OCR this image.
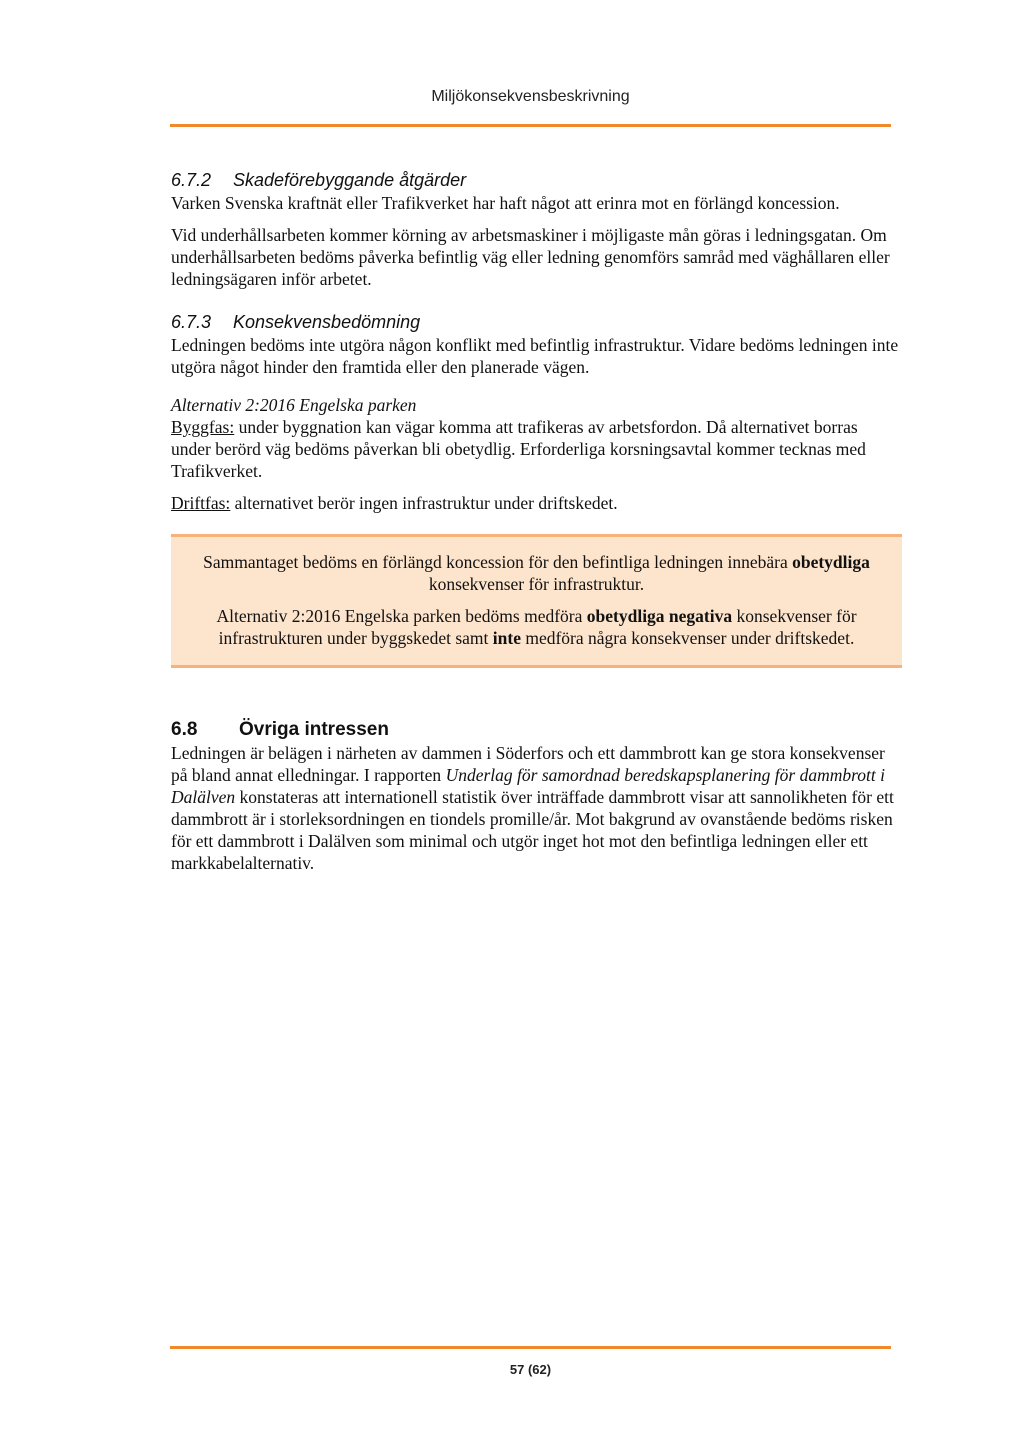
Miljökonsekvensbeskrivning
6.7.2 Skadeförebyggande åtgärder

Varken Svenska kraftnät eller Trafikverket har haft något att erinra mot en förlängd koncession.

Vid underhållsarbeten kommer körning av arbetsmaskiner i möjligaste mån göras i ledningsgatan. Om underhållsarbeten bedöms påverka befintlig väg eller ledning genomförs samråd med väghållaren eller ledningsägaren inför arbetet.

6.7.3 Konsekvensbedömning

Ledningen bedöms inte utgöra någon konflikt med befintlig infrastruktur. Vidare bedöms ledningen inte utgöra något hinder den framtida eller den planerade vägen.

Alternativ 2:2016 Engelska parken

Byggfas: under byggnation kan vägar komma att trafikeras av arbetsfordon. Då alternativet borras under berörd väg bedöms påverkan bli obetydlig. Erforderliga korsningsavtal kommer tecknas med Trafikverket.

Driftfas: alternativet berör ingen infrastruktur under driftskedet.

Sammantaget bedöms en förlängd koncession för den befintliga ledningen innebära obetydliga konsekvenser för infrastruktur.

Alternativ 2:2016 Engelska parken bedöms medföra obetydliga negativa konsekvenser för infrastrukturen under byggskedet samt inte medföra några konsekvenser under driftskedet.

6.8 Övriga intressen

Ledningen är belägen i närheten av dammen i Söderfors och ett dammbrott kan ge stora konsekvenser på bland annat elledningar. I rapporten Underlag för samordnad beredskapsplanering för dammbrott i Dalälven konstateras att internationell statistik över inträffade dammbrott visar att sannolikheten för ett dammbrott är i storleksordningen en tiondels promille/år. Mot bakgrund av ovanstående bedöms risken för ett dammbrott i Dalälven som minimal och utgör inget hot mot den befintliga ledningen eller ett markkabelalternativ.

57 (62)
